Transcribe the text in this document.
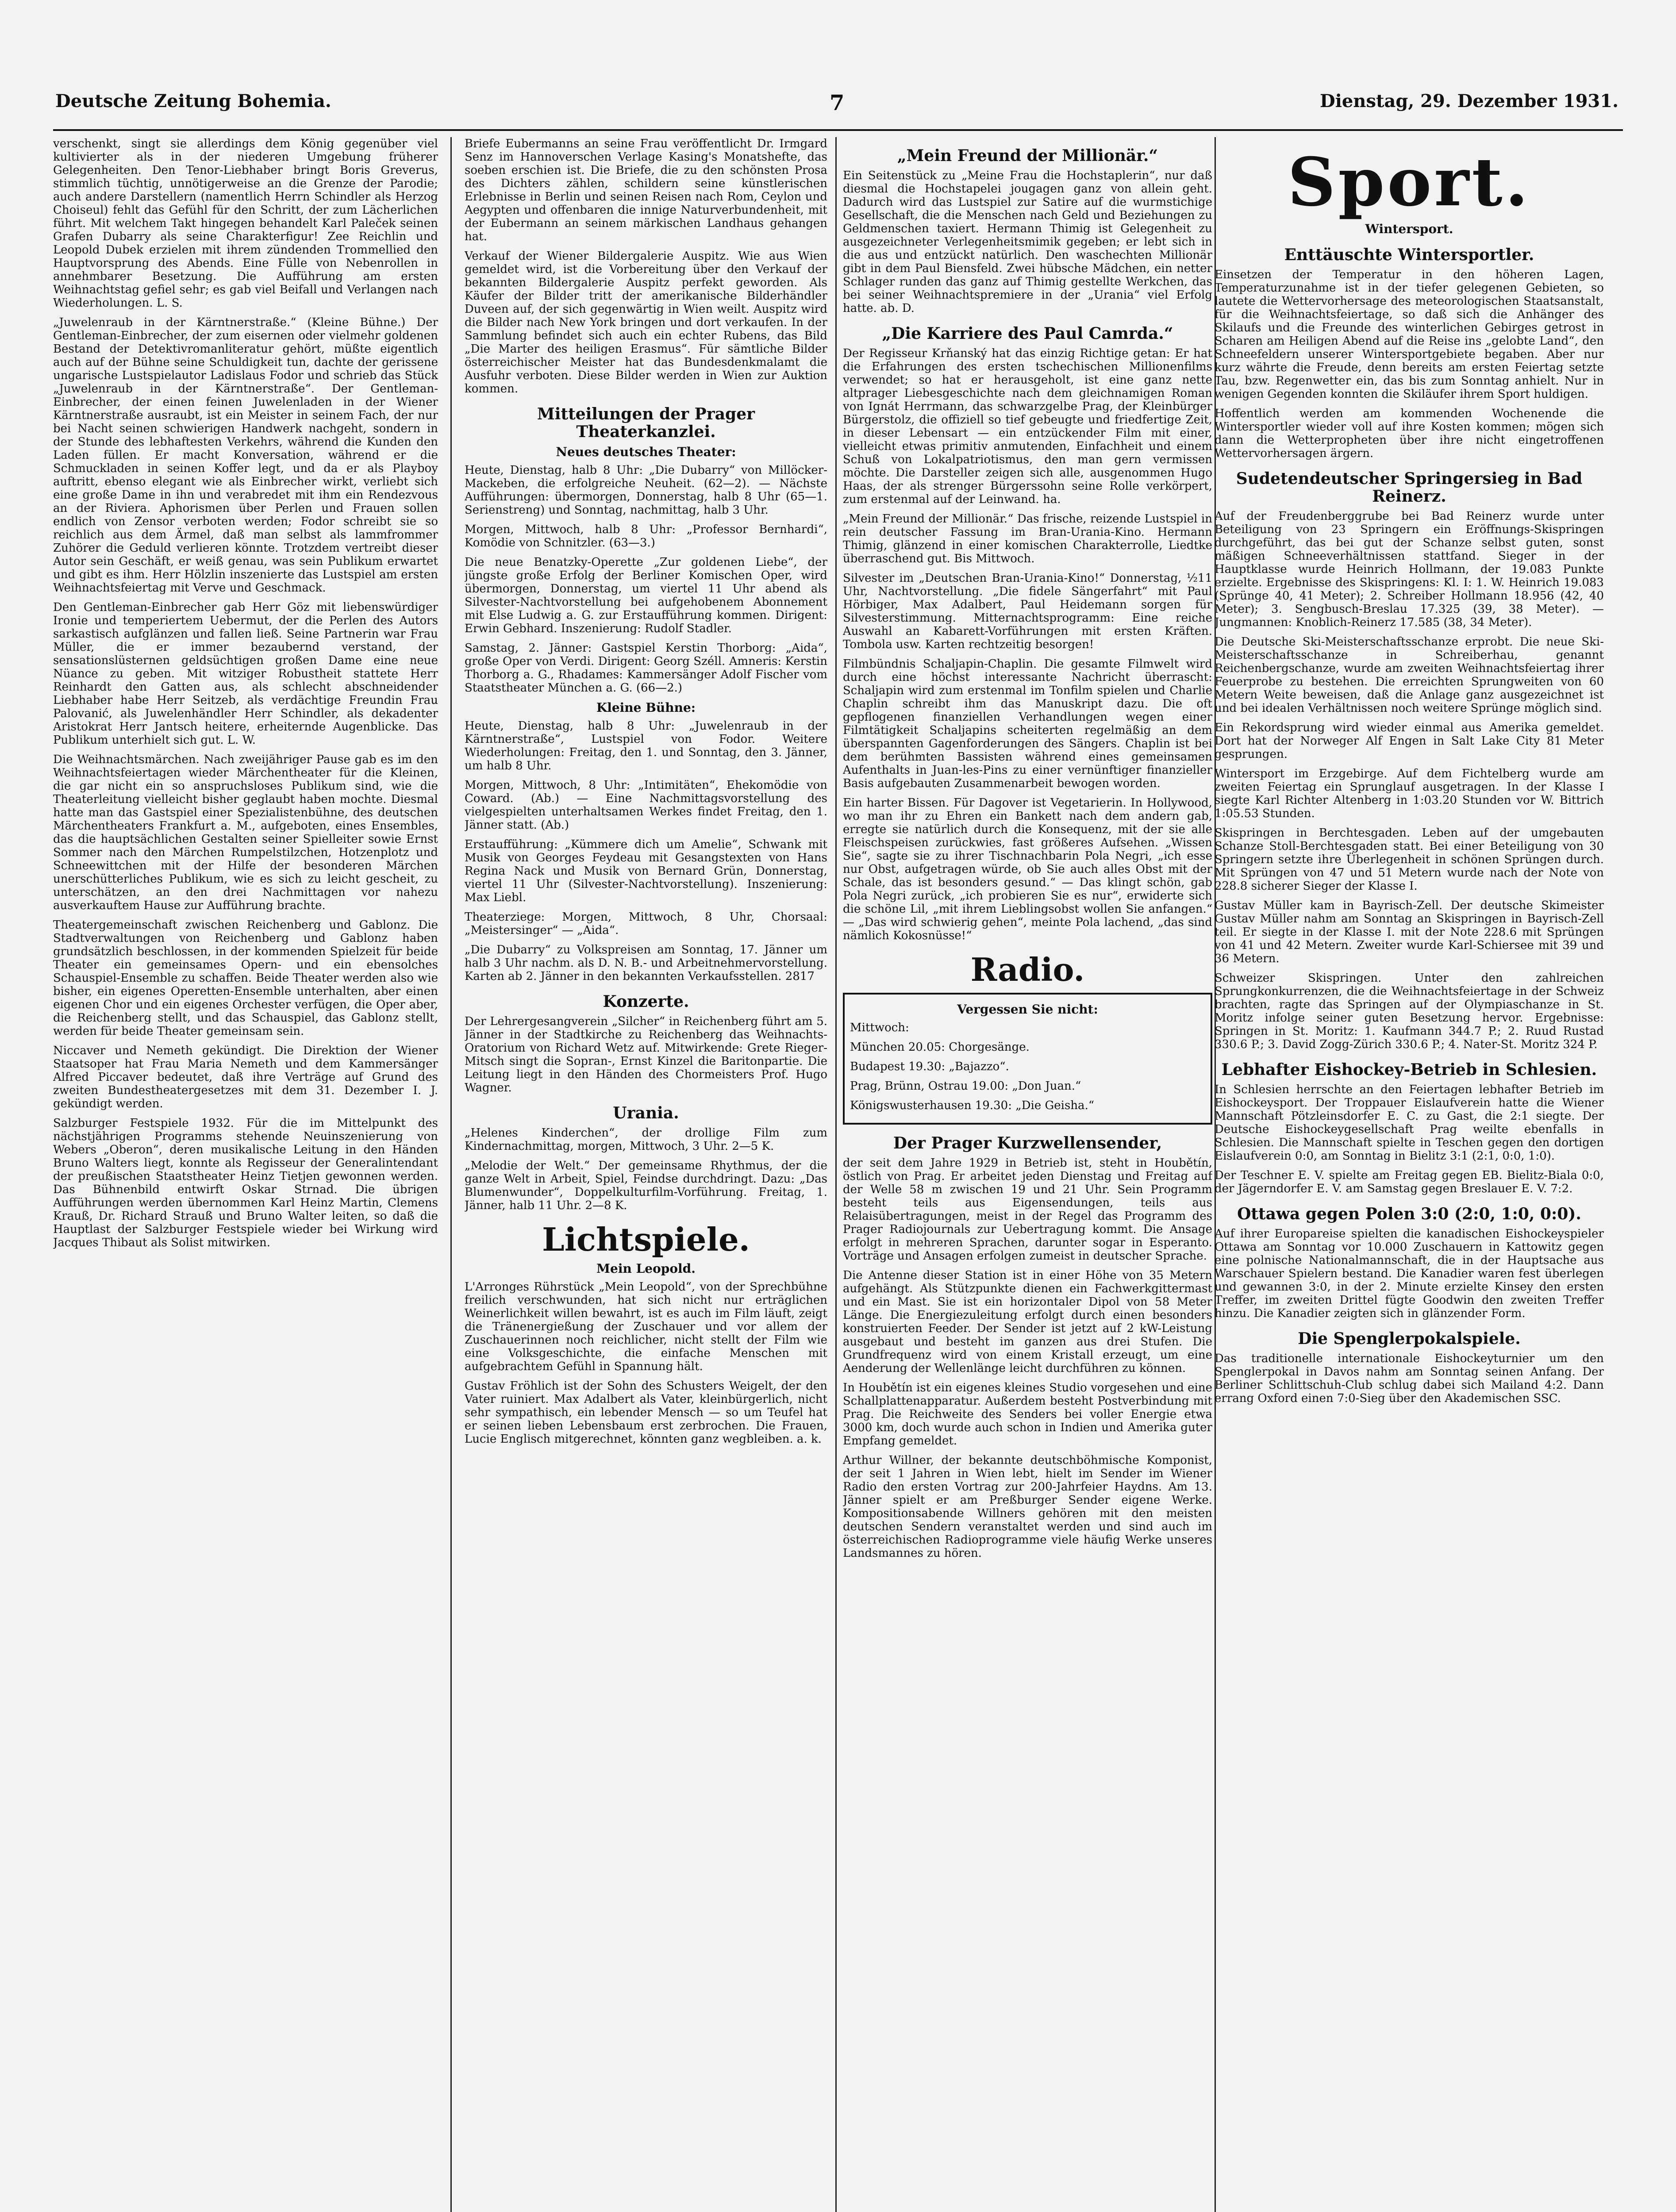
Deutsche Zeitung Bohemia.	7	Dienstag, 29. Dezember 1931.
verschenkt, singt sie allerdings dem König gegenüber viel kultivierter als in der niederen Umgebung früherer Gelegenheiten. Den Tenor-Liebhaber bringt Boris Greverus, stimmlich tüchtig, unnötigerweise an die Grenze der Parodie; auch andere Darstellern (namentlich Herrn Schindler als Herzog Choiseul) fehlt das Gefühl für den Schritt, der zum Lächerlichen führt. Mit welchem Takt hingegen behandelt Karl Paleček seinen Grafen Dubarry als seine Charakterfigur! Zee Reichlin und Leopold Dubek erzielen mit ihrem zündenden Trommellied den Hauptvorsprung des Abends. Eine Fülle von Nebenrollen in annehmbarer Besetzung. Die Aufführung am ersten Weihnachtstag gefiel sehr; es gab viel Beifall und Verlangen nach Wiederholungen. L. S.
„Juwelenraub in der Kärntnerstraße.“ (Kleine Bühne.) Der Gentleman-Einbrecher, der zum eisernen oder vielmehr goldenen Bestand der Detektivromanliteratur gehört, müßte eigentlich auch auf der Bühne seine Schuldigkeit tun, dachte der gerissene ungarische Lustspielautor Ladislaus Fodor und schrieb das Stück „Juwelenraub in der Kärntnerstraße“. Der Gentleman-Einbrecher, der einen feinen Juwelenladen in der Wiener Kärntnerstraße ausraubt, ist ein Meister in seinem Fach, der nur bei Nacht seinen schwierigen Handwerk nachgeht, sondern in der Stunde des lebhaftesten Verkehrs, während die Kunden den Laden füllen. Er macht Konversation, während er die Schmuckladen in seinen Koffer legt, und da er als Playboy auftritt, ebenso elegant wie als Einbrecher wirkt, verliebt sich eine große Dame in ihn und verabredet mit ihm ein Rendezvous an der Riviera. Aphorismen über Perlen und Frauen sollen endlich von Zensor verboten werden; Fodor schreibt sie so reichlich aus dem Ärmel, daß man selbst als lammfrommer Zuhörer die Geduld verlieren könnte. Trotzdem vertreibt dieser Autor sein Geschäft, er weiß genau, was sein Publikum erwartet und gibt es ihm. Herr Hölzlin inszenierte das Lustspiel am ersten Weihnachtsfeiertag mit Verve und Geschmack.
Den Gentleman-Einbrecher gab Herr Göz mit liebenswürdiger Ironie und temperiertem Uebermut, der die Perlen des Autors sarkastisch aufglänzen und fallen ließ. Seine Partnerin war Frau Müller, die er immer bezaubernd verstand, der sensationslüsternen geldsüchtigen großen Dame eine neue Nüance zu geben. Mit witziger Robustheit stattete Herr Reinhardt den Gatten aus, als schlecht abschneidender Liebhaber habe Herr Seitzeb, als verdächtige Freundin Frau Palovanić, als Juwelenhändler Herr Schindler, als dekadenter Aristokrat Herr Jantsch heitere, erheiternde Augenblicke. Das Publikum unterhielt sich gut. L. W.
Die Weihnachtsmärchen. Nach zweijähriger Pause gab es im den Weihnachtsfeiertagen wieder Märchentheater für die Kleinen, die gar nicht ein so anspruchsloses Publikum sind, wie die Theaterleitung vielleicht bisher geglaubt haben mochte. Diesmal hatte man das Gastspiel einer Spezialistenbühne, des deutschen Märchentheaters Frankfurt a. M., aufgeboten, eines Ensembles, das die hauptsächlichen Gestalten seiner Spielleiter sowie Ernst Sommer nach den Märchen Rumpelstilzchen, Hotzenplotz und Schneewittchen mit der Hilfe der besonderen Märchen unerschütterliches Publikum, wie es sich zu leicht gescheit, zu unterschätzen, an den drei Nachmittagen vor nahezu ausverkauftem Hause zur Aufführung brachte.
Theatergemeinschaft zwischen Reichenberg und Gablonz. Die Stadtverwaltungen von Reichenberg und Gablonz haben grundsätzlich beschlossen, in der kommenden Spielzeit für beide Theater ein gemeinsames Opern- und ein ebensolches Schauspiel-Ensemble zu schaffen. Beide Theater werden also wie bisher, ein eigenes Operetten-Ensemble unterhalten, aber einen eigenen Chor und ein eigenes Orchester verfügen, die Oper aber, die Reichenberg stellt, und das Schauspiel, das Gablonz stellt, werden für beide Theater gemeinsam sein.
Niccaver und Nemeth gekündigt. Die Direktion der Wiener Staatsoper hat Frau Maria Nemeth und dem Kammersänger Alfred Piccaver bedeutet, daß ihre Verträge auf Grund des zweiten Bundestheatergesetzes mit dem 31. Dezember I. J. gekündigt werden.
Salzburger Festspiele 1932. Für die im Mittelpunkt des nächstjährigen Programms stehende Neuinszenierung von Webers „Oberon“, deren musikalische Leitung in den Händen Bruno Walters liegt, konnte als Regisseur der Generalintendant der preußischen Staatstheater Heinz Tietjen gewonnen werden. Das Bühnenbild entwirft Oskar Strnad. Die übrigen Aufführungen werden übernommen Karl Heinz Martin, Clemens Krauß, Dr. Richard Strauß und Bruno Walter leiten, so daß die Hauptlast der Salzburger Festspiele wieder bei Wirkung wird Jacques Thibaut als Solist mitwirken.
Briefe Eubermanns an seine Frau veröffentlicht Dr. Irmgard Senz im Hannoverschen Verlage Kasing's Monatshefte, das soeben erschien ist. Die Briefe, die zu den schönsten Prosa des Dichters zählen, schildern seine künstlerischen Erlebnisse in Berlin und seinen Reisen nach Rom, Ceylon und Aegypten und offenbaren die innige Naturverbundenheit, mit der Eubermann an seinem märkischen Landhaus gehangen hat.
Verkauf der Wiener Bildergalerie Auspitz. Wie aus Wien gemeldet wird, ist die Vorbereitung über den Verkauf der bekannten Bildergalerie Auspitz perfekt geworden. Als Käufer der Bilder tritt der amerikanische Bilderhändler Duveen auf, der sich gegenwärtig in Wien weilt. Auspitz wird die Bilder nach New York bringen und dort verkaufen. In der Sammlung befindet sich auch ein echter Rubens, das Bild „Die Marter des heiligen Erasmus“. Für sämtliche Bilder österreichischer Meister hat das Bundesdenkmalamt die Ausfuhr verboten. Diese Bilder werden in Wien zur Auktion kommen.
Mitteilungen der Prager Theaterkanzlei.
Neues deutsches Theater:
Heute, Dienstag, halb 8 Uhr: „Die Dubarry“ von Millöcker-Mackeben, die erfolgreiche Neuheit. (62—2). — Nächste Aufführungen: übermorgen, Donnerstag, halb 8 Uhr (65—1. Serienstreng) und Sonntag, nachmittag, halb 3 Uhr.
Morgen, Mittwoch, halb 8 Uhr: „Professor Bernhardi“, Komödie von Schnitzler. (63—3.)
Die neue Benatzky-Operette „Zur goldenen Liebe“, der jüngste große Erfolg der Berliner Komischen Oper, wird übermorgen, Donnerstag, um viertel 11 Uhr abend als Silvester-Nachtvorstellung bei aufgehobenem Abonnement mit Else Ludwig a. G. zur Erstaufführung kommen. Dirigent: Erwin Gebhard. Inszenierung: Rudolf Stadler.
Samstag, 2. Jänner: Gastspiel Kerstin Thorborg: „Aida“, große Oper von Verdi. Dirigent: Georg Széll. Amneris: Kerstin Thorborg a. G., Rhadames: Kammersänger Adolf Fischer vom Staatstheater München a. G. (66—2.)
Kleine Bühne:
Heute, Dienstag, halb 8 Uhr: „Juwelenraub in der Kärntnerstraße“, Lustspiel von Fodor. Weitere Wiederholungen: Freitag, den 1. und Sonntag, den 3. Jänner, um halb 8 Uhr.
Morgen, Mittwoch, 8 Uhr: „Intimitäten“, Ehekomödie von Coward. (Ab.) — Eine Nachmittagsvorstellung des vielgespielten unterhaltsamen Werkes findet Freitag, den 1. Jänner statt. (Ab.)
Erstaufführung: „Kümmere dich um Amelie“, Schwank mit Musik von Georges Feydeau mit Gesangstexten von Hans Regina Nack und Musik von Bernard Grün, Donnerstag, viertel 11 Uhr (Silvester-Nachtvorstellung). Inszenierung: Max Liebl.
Theaterziege: Morgen, Mittwoch, 8 Uhr, Chorsaal: „Meistersinger“ — „Aida“.
„Die Dubarry“ zu Volkspreisen am Sonntag, 17. Jänner um halb 3 Uhr nachm. als D. N. B.- und Arbeitnehmervorstellung. Karten ab 2. Jänner in den bekannten Verkaufsstellen. 2817
Konzerte.
Der Lehrergesangverein „Silcher“ in Reichenberg führt am 5. Jänner in der Stadtkirche zu Reichenberg das Weihnachts-Oratorium von Richard Wetz auf. Mitwirkende: Grete Rieger-Mitsch singt die Sopran-, Ernst Kinzel die Baritonpartie. Die Leitung liegt in den Händen des Chormeisters Prof. Hugo Wagner.
Urania.
„Helenes Kinderchen“, der drollige Film zum Kindernachmittag, morgen, Mittwoch, 3 Uhr. 2—5 K.
„Melodie der Welt.“ Der gemeinsame Rhythmus, der die ganze Welt in Arbeit, Spiel, Feindse durchdringt. Dazu: „Das Blumenwunder“, Doppelkulturfilm-Vorführung. Freitag, 1. Jänner, halb 11 Uhr. 2—8 K.
Lichtspiele.
Mein Leopold.
L'Arronges Rührstück „Mein Leopold“, von der Sprechbühne freilich verschwunden, hat sich nicht nur erträglichen Weinerlichkeit willen bewahrt, ist es auch im Film läuft, zeigt die Tränenergießung der Zuschauer und vor allem der Zuschauerinnen noch reichlicher, nicht stellt der Film wie eine Volksgeschichte, die einfache Menschen mit aufgebrachtem Gefühl in Spannung hält.
Gustav Fröhlich ist der Sohn des Schusters Weigelt, der den Vater ruiniert. Max Adalbert als Vater, kleinbürgerlich, nicht sehr sympathisch, ein lebender Mensch — so um Teufel hat er seinen lieben Lebensbaum erst zerbrochen. Die Frauen, Lucie Englisch mitgerechnet, könnten ganz wegbleiben. a. k.
„Mein Freund der Millionär.“
Ein Seitenstück zu „Meine Frau die Hochstaplerin“, nur daß diesmal die Hochstapelei jougagen ganz von allein geht. Dadurch wird das Lustspiel zur Satire auf die wurmstichige Gesellschaft, die die Menschen nach Geld und Beziehungen zu Geldmenschen taxiert. Hermann Thimig ist Gelegenheit zu ausgezeichneter Verlegenheitsmimik gegeben; er lebt sich in die aus und entzückt natürlich. Den waschechten Millionär gibt in dem Paul Biensfeld. Zwei hübsche Mädchen, ein netter Schlager runden das ganz auf Thimig gestellte Werkchen, das bei seiner Weihnachtspremiere in der „Urania“ viel Erfolg hatte. ab. D.
„Die Karriere des Paul Camrda.“
Der Regisseur Krňanský hat das einzig Richtige getan: Er hat die Erfahrungen des ersten tschechischen Millionenfilms verwendet; so hat er herausgeholt, ist eine ganz nette altprager Liebesgeschichte nach dem gleichnamigen Roman von Ignát Herrmann, das schwarzgelbe Prag, der Kleinbürger Bürgerstolz, die offiziell so tief gebeugte und friedfertige Zeit, in dieser Lebensart — ein entzückender Film mit einer, vielleicht etwas primitiv anmutenden, Einfachheit und einem Schuß von Lokalpatriotismus, den man gern vermissen möchte. Die Darsteller zeigen sich alle, ausgenommen Hugo Haas, der als strenger Bürgerssohn seine Rolle verkörpert, zum erstenmal auf der Leinwand. ha.
„Mein Freund der Millionär.“ Das frische, reizende Lustspiel in rein deutscher Fassung im Bran-Urania-Kino. Hermann Thimig, glänzend in einer komischen Charakterrolle, Liedtke überraschend gut. Bis Mittwoch.
Silvester im „Deutschen Bran-Urania-Kino!“ Donnerstag, ½11 Uhr, Nachtvorstellung. „Die fidele Sängerfahrt“ mit Paul Hörbiger, Max Adalbert, Paul Heidemann sorgen für Silvesterstimmung. Mitternachtsprogramm: Eine reiche Auswahl an Kabarett-Vorführungen mit ersten Kräften. Tombola usw. Karten rechtzeitig besorgen!
Filmbündnis Schaljapin-Chaplin. Die gesamte Filmwelt wird durch eine höchst interessante Nachricht überrascht: Schaljapin wird zum erstenmal im Tonfilm spielen und Charlie Chaplin schreibt ihm das Manuskript dazu. Die oft gepflogenen finanziellen Verhandlungen wegen einer Filmtätigkeit Schaljapins scheiterten regelmäßig an dem überspannten Gagenforderungen des Sängers. Chaplin ist bei dem berühmten Bassisten während eines gemeinsamen Aufenthalts in Juan-les-Pins zu einer vernünftiger finanzieller Basis aufgebauten Zusammenarbeit bewogen worden.
Ein harter Bissen. Für Dagover ist Vegetarierin. In Hollywood, wo man ihr zu Ehren ein Bankett nach dem andern gab, erregte sie natürlich durch die Konsequenz, mit der sie alle Fleischspeisen zurückwies, fast größeres Aufsehen. „Wissen Sie“, sagte sie zu ihrer Tischnachbarin Pola Negri, „ich esse nur Obst, aufgetragen würde, ob Sie auch alles Obst mit der Schale, das ist besonders gesund.“ — Das klingt schön, gab Pola Negri zurück, „ich probieren Sie es nur“, erwiderte sich die schöne Lil, „mit ihrem Lieblingsobst wollen Sie anfangen.“ — „Das wird schwierig gehen“, meinte Pola lachend, „das sind nämlich Kokosnüsse!“
Radio.
Vergessen Sie nicht:
Mittwoch:
München 20.05: Chorgesänge.
Budapest 19.30: „Bajazzo“.
Prag, Brünn, Ostrau 19.00: „Don Juan.“
Königswusterhausen 19.30: „Die Geisha.“
Der Prager Kurzwellensender,
der seit dem Jahre 1929 in Betrieb ist, steht in Houbětín, östlich von Prag. Er arbeitet jeden Dienstag und Freitag auf der Welle 58 m zwischen 19 und 21 Uhr. Sein Programm besteht teils aus Eigensendungen, teils aus Relaisübertragungen, meist in der Regel das Programm des Prager Radiojournals zur Uebertragung kommt. Die Ansage erfolgt in mehreren Sprachen, darunter sogar in Esperanto. Vorträge und Ansagen erfolgen zumeist in deutscher Sprache.
Die Antenne dieser Station ist in einer Höhe von 35 Metern aufgehängt. Als Stützpunkte dienen ein Fachwerkgittermast und ein Mast. Sie ist ein horizontaler Dipol von 58 Meter Länge. Die Energiezuleitung erfolgt durch einen besonders konstruierten Feeder. Der Sender ist jetzt auf 2 kW-Leistung ausgebaut und besteht im ganzen aus drei Stufen. Die Grundfrequenz wird von einem Kristall erzeugt, um eine Aenderung der Wellenlänge leicht durchführen zu können.
In Houbětín ist ein eigenes kleines Studio vorgesehen und eine Schallplattenapparatur. Außerdem besteht Postverbindung mit Prag. Die Reichweite des Senders bei voller Energie etwa 3000 km, doch wurde auch schon in Indien und Amerika guter Empfang gemeldet.
Arthur Willner, der bekannte deutschböhmische Komponist, der seit 1 Jahren in Wien lebt, hielt im Sender im Wiener Radio den ersten Vortrag zur 200-Jahrfeier Haydns. Am 13. Jänner spielt er am Preßburger Sender eigene Werke. Kompositionsabende Willners gehören mit den meisten deutschen Sendern veranstaltet werden und sind auch im österreichischen Radioprogramme viele häufig Werke unseres Landsmannes zu hören.
Sport.
Wintersport.
Enttäuschte Wintersportler.
Einsetzen der Temperatur in den höheren Lagen, Temperaturzunahme ist in der tiefer gelegenen Gebieten, so lautete die Wettervorhersage des meteorologischen Staatsanstalt, für die Weihnachtsfeiertage, so daß sich die Anhänger des Skilaufs und die Freunde des winterlichen Gebirges getrost in Scharen am Heiligen Abend auf die Reise ins „gelobte Land“, den Schneefeldern unserer Wintersportgebiete begaben. Aber nur kurz währte die Freude, denn bereits am ersten Feiertag setzte Tau, bzw. Regenwetter ein, das bis zum Sonntag anhielt. Nur in wenigen Gegenden konnten die Skiläufer ihrem Sport huldigen.
Hoffentlich werden am kommenden Wochenende die Wintersportler wieder voll auf ihre Kosten kommen; mögen sich dann die Wetterpropheten über ihre nicht eingetroffenen Wettervorhersagen ärgern.
Sudetendeutscher Springersieg in Bad Reinerz.
Auf der Freudenberggrube bei Bad Reinerz wurde unter Beteiligung von 23 Springern ein Eröffnungs-Skispringen durchgeführt, das bei gut der Schanze selbst guten, sonst mäßigen Schneeverhältnissen stattfand. Sieger in der Hauptklasse wurde Heinrich Hollmann, der 19.083 Punkte erzielte. Ergebnisse des Skispringens: Kl. I: 1. W. Heinrich 19.083 (Sprünge 40, 41 Meter); 2. Schreiber Hollmann 18.956 (42, 40 Meter); 3. Sengbusch-Breslau 17.325 (39, 38 Meter). — Jungmannen: Knoblich-Reinerz 17.585 (38, 34 Meter).
Die Deutsche Ski-Meisterschaftsschanze erprobt. Die neue Ski-Meisterschaftsschanze in Schreiberhau, genannt Reichenbergschanze, wurde am zweiten Weihnachtsfeiertag ihrer Feuerprobe zu bestehen. Die erreichten Sprungweiten von 60 Metern Weite beweisen, daß die Anlage ganz ausgezeichnet ist und bei idealen Verhältnissen noch weitere Sprünge möglich sind.
Ein Rekordsprung wird wieder einmal aus Amerika gemeldet. Dort hat der Norweger Alf Engen in Salt Lake City 81 Meter gesprungen.
Wintersport im Erzgebirge. Auf dem Fichtelberg wurde am zweiten Feiertag ein Sprunglauf ausgetragen. In der Klasse I siegte Karl Richter Altenberg in 1:03.20 Stunden vor W. Bittrich 1:05.53 Stunden.
Skispringen in Berchtesgaden. Leben auf der umgebauten Schanze Stoll-Berchtesgaden statt. Bei einer Beteiligung von 30 Springern setzte ihre Überlegenheit in schönen Sprüngen durch. Mit Sprüngen von 47 und 51 Metern wurde nach der Note von 228.8 sicherer Sieger der Klasse I.
Gustav Müller kam in Bayrisch-Zell. Der deutsche Skimeister Gustav Müller nahm am Sonntag an Skispringen in Bayrisch-Zell teil. Er siegte in der Klasse I. mit der Note 228.6 mit Sprüngen von 41 und 42 Metern. Zweiter wurde Karl-Schiersee mit 39 und 36 Metern.
Schweizer Skispringen. Unter den zahlreichen Sprungkonkurrenzen, die die Weihnachtsfeiertage in der Schweiz brachten, ragte das Springen auf der Olympiaschanze in St. Moritz infolge seiner guten Besetzung hervor. Ergebnisse: Springen in St. Moritz: 1. Kaufmann 344.7 P.; 2. Ruud Rustad 330.6 P.; 3. David Zogg-Zürich 330.6 P.; 4. Nater-St. Moritz 324 P.
Lebhafter Eishockey-Betrieb in Schlesien.
In Schlesien herrschte an den Feiertagen lebhafter Betrieb im Eishockeysport. Der Troppauer Eislaufverein hatte die Wiener Mannschaft Pötzleinsdorfer E. C. zu Gast, die 2:1 siegte. Der Deutsche Eishockeygesellschaft Prag weilte ebenfalls in Schlesien. Die Mannschaft spielte in Teschen gegen den dortigen Eislaufverein 0:0, am Sonntag in Bielitz 3:1 (2:1, 0:0, 1:0).
Der Teschner E. V. spielte am Freitag gegen EB. Bielitz-Biala 0:0, der Jägerndorfer E. V. am Samstag gegen Breslauer E. V. 7:2.
Ottawa gegen Polen 3:0 (2:0, 1:0, 0:0).
Auf ihrer Europareise spielten die kanadischen Eishockeyspieler Ottawa am Sonntag vor 10.000 Zuschauern in Kattowitz gegen eine polnische Nationalmannschaft, die in der Hauptsache aus Warschauer Spielern bestand. Die Kanadier waren fest überlegen und gewannen 3:0, in der 2. Minute erzielte Kinsey den ersten Treffer, im zweiten Drittel fügte Goodwin den zweiten Treffer hinzu. Die Kanadier zeigten sich in glänzender Form.
Die Spenglerpokalspiele.
Das traditionelle internationale Eishockeyturnier um den Spenglerpokal in Davos nahm am Sonntag seinen Anfang. Der Berliner Schlittschuh-Club schlug dabei sich Mailand 4:2. Dann errang Oxford einen 7:0-Sieg über den Akademischen SSC.
